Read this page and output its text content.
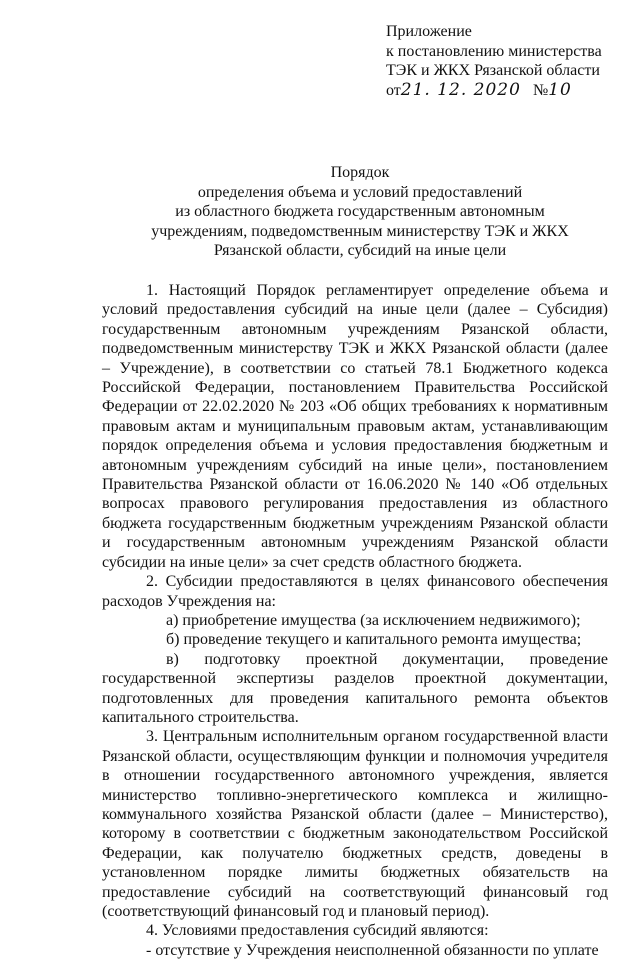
Приложение
к постановлению министерства
ТЭК и ЖКХ Рязанской области
от21. 12. 2020 №10
Порядок
определения объема и условий предоставлений
из областного бюджета государственным автономным
учреждениям, подведомственным министерству ТЭК и ЖКХ
Рязанской области, субсидий на иные цели

1. Настоящий Порядок регламентирует определение объема и условий предоставления субсидий на иные цели (далее – Субсидия) государственным автономным учреждениям Рязанской области, подведомственным министерству ТЭК и ЖКХ Рязанской области (далее – Учреждение), в соответствии со статьей 78.1 Бюджетного кодекса Российской Федерации, постановлением Правительства Российской Федерации от 22.02.2020 № 203 «Об общих требованиях к нормативным правовым актам и муниципальным правовым актам, устанавливающим порядок определения объема и условия предоставления бюджетным и автономным учреждениям субсидий на иные цели», постановлением Правительства Рязанской области от 16.06.2020 № 140 «Об отдельных вопросах правового регулирования предоставления из областного бюджета государственным бюджетным учреждениям Рязанской области и государственным автономным учреждениям Рязанской области субсидии на иные цели» за счет средств областного бюджета.

2. Субсидии предоставляются в целях финансового обеспечения расходов Учреждения на:

а) приобретение имущества (за исключением недвижимого);

б) проведение текущего и капитального ремонта имущества;

в) подготовку проектной документации, проведение государственной экспертизы разделов проектной документации, подготовленных для проведения капитального ремонта объектов капитального строительства.

3. Центральным исполнительным органом государственной власти Рязанской области, осуществляющим функции и полномочия учредителя в отношении государственного автономного учреждения, является министерство топливно-энергетического комплекса и жилищно-коммунального хозяйства Рязанской области (далее – Министерство), которому в соответствии с бюджетным законодательством Российской Федерации, как получателю бюджетных средств, доведены в установленном порядке лимиты бюджетных обязательств на предоставление субсидий на соответствующий финансовый год (соответствующий финансовый год и плановый период).

4. Условиями предоставления субсидий являются:

- отсутствие у Учреждения неисполненной обязанности по уплате
